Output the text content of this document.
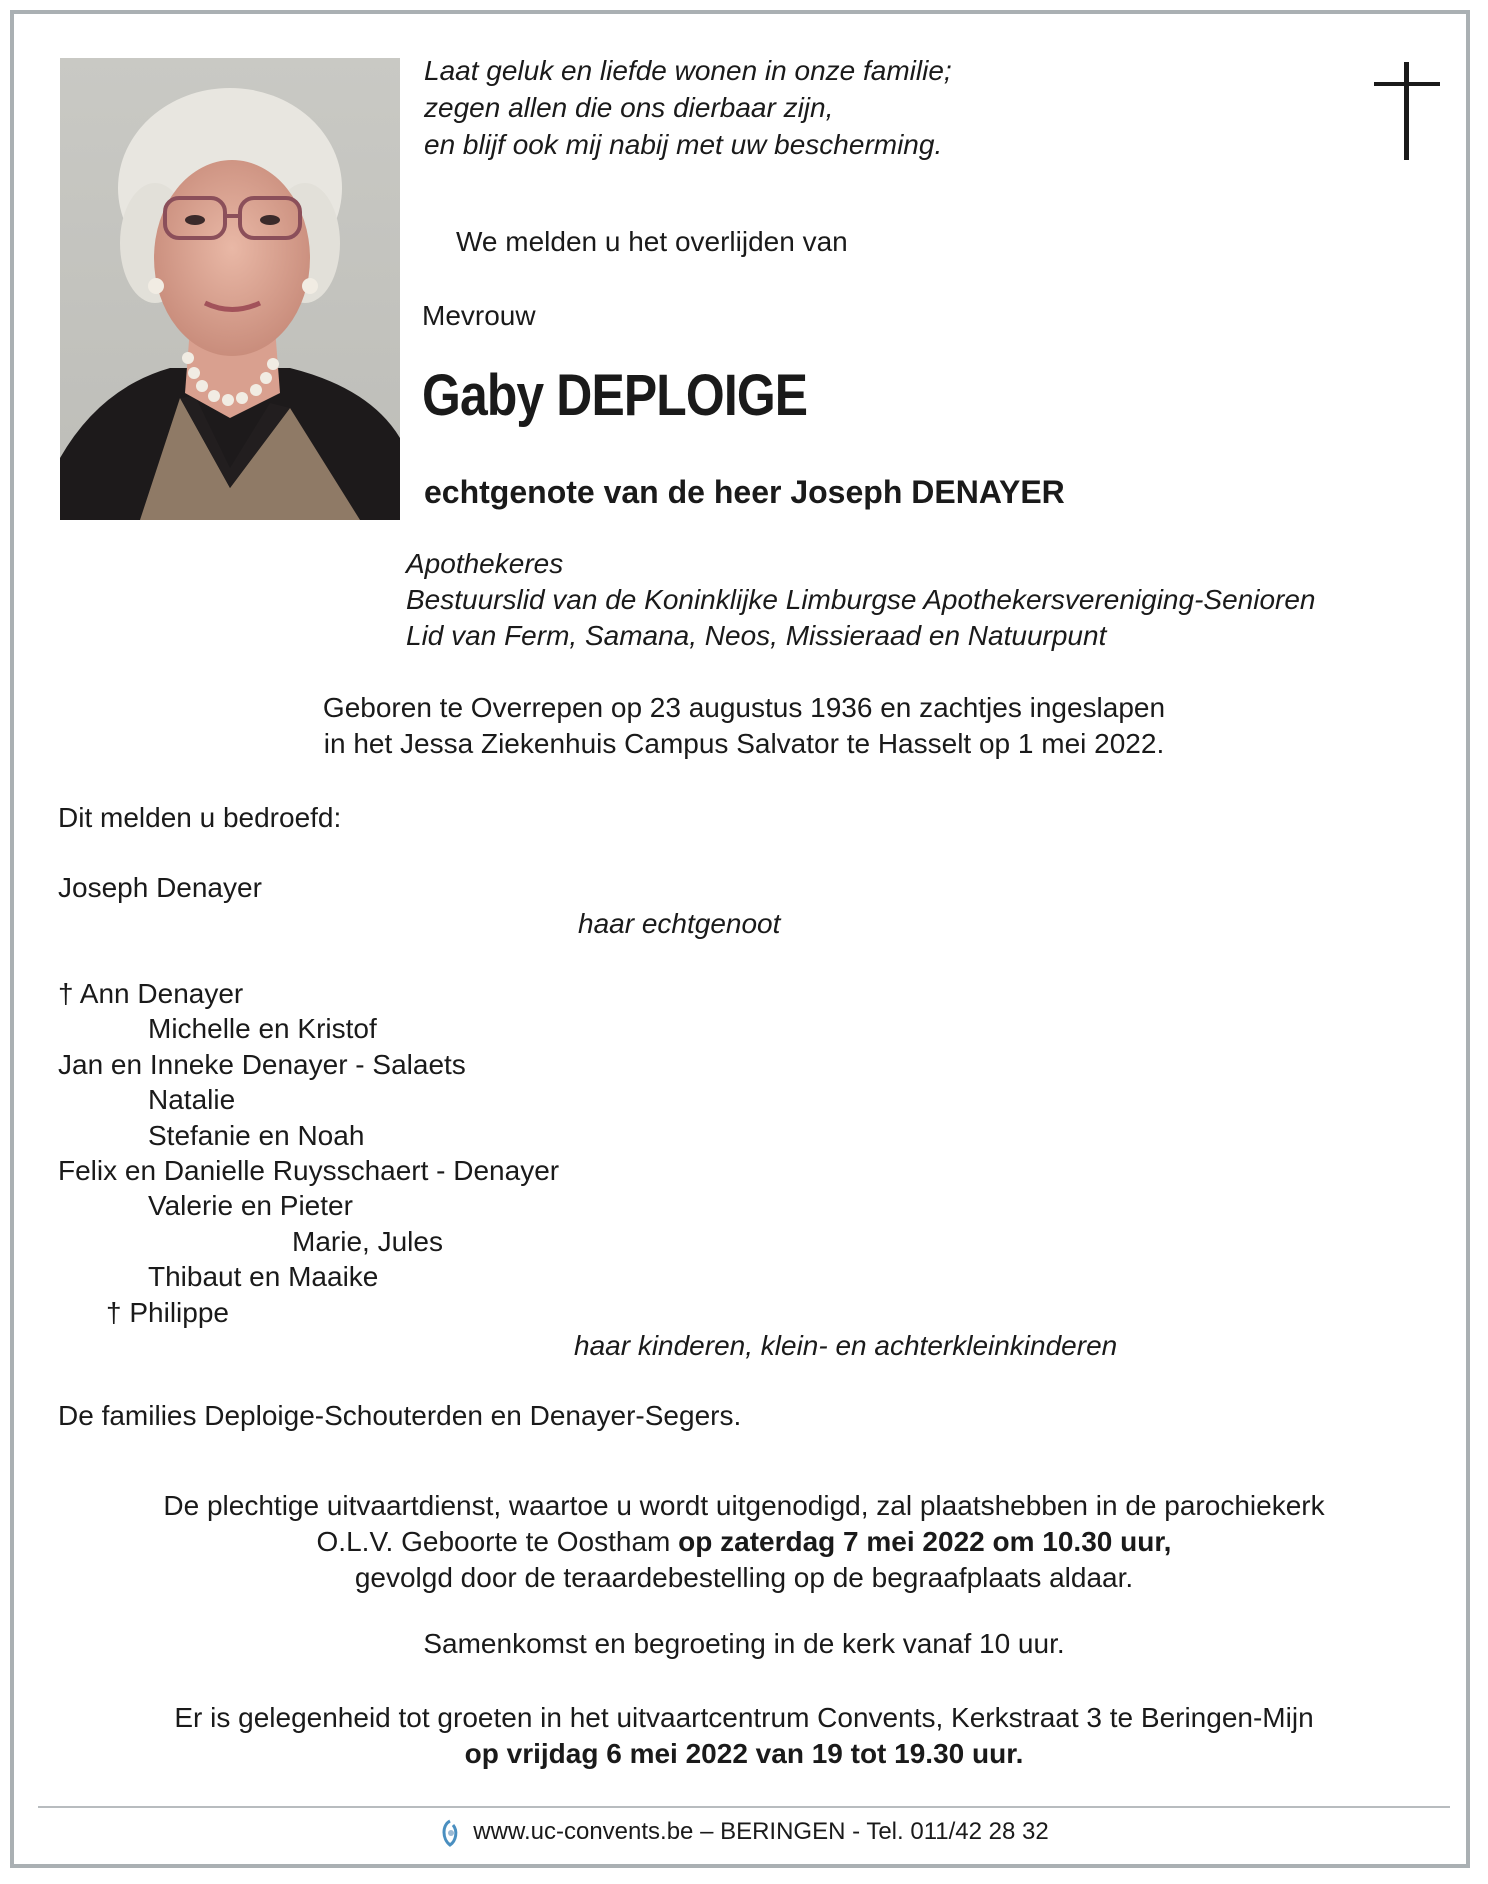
Laat geluk en liefde wonen in onze familie;
zegen allen die ons dierbaar zijn,
en blijf ook mij nabij met uw bescherming.
We melden u het overlijden van
Mevrouw
Gaby DEPLOIGE
echtgenote van de heer Joseph DENAYER
Apothekeres
Bestuurslid van de Koninklijke Limburgse Apothekersvereniging-Senioren
Lid van Ferm, Samana, Neos, Missieraad en Natuurpunt
Geboren te Overrepen op 23 augustus 1936 en zachtjes ingeslapen
in het Jessa Ziekenhuis Campus Salvator te Hasselt op 1 mei 2022.
Dit melden u bedroefd:
Joseph Denayer
haar echtgenoot
† Ann Denayer
Michelle en Kristof
Jan en Inneke Denayer - Salaets
Natalie
Stefanie en Noah
Felix en Danielle Ruysschaert - Denayer
Valerie en Pieter
Marie, Jules
Thibaut en Maaike
† Philippe
haar kinderen, klein- en achterkleinkinderen
De families Deploige-Schouterden en Denayer-Segers.
De plechtige uitvaartdienst, waartoe u wordt uitgenodigd, zal plaatshebben in de parochiekerk
O.L.V. Geboorte te Oostham op zaterdag 7 mei 2022 om 10.30 uur,
gevolgd door de teraardebestelling op de begraafplaats aldaar.
Samenkomst en begroeting in de kerk vanaf 10 uur.
Er is gelegenheid tot groeten in het uitvaartcentrum Convents, Kerkstraat 3 te Beringen-Mijn
op vrijdag 6 mei 2022 van 19 tot 19.30 uur.
www.uc-convents.be – BERINGEN - Tel. 011/42 28 32
